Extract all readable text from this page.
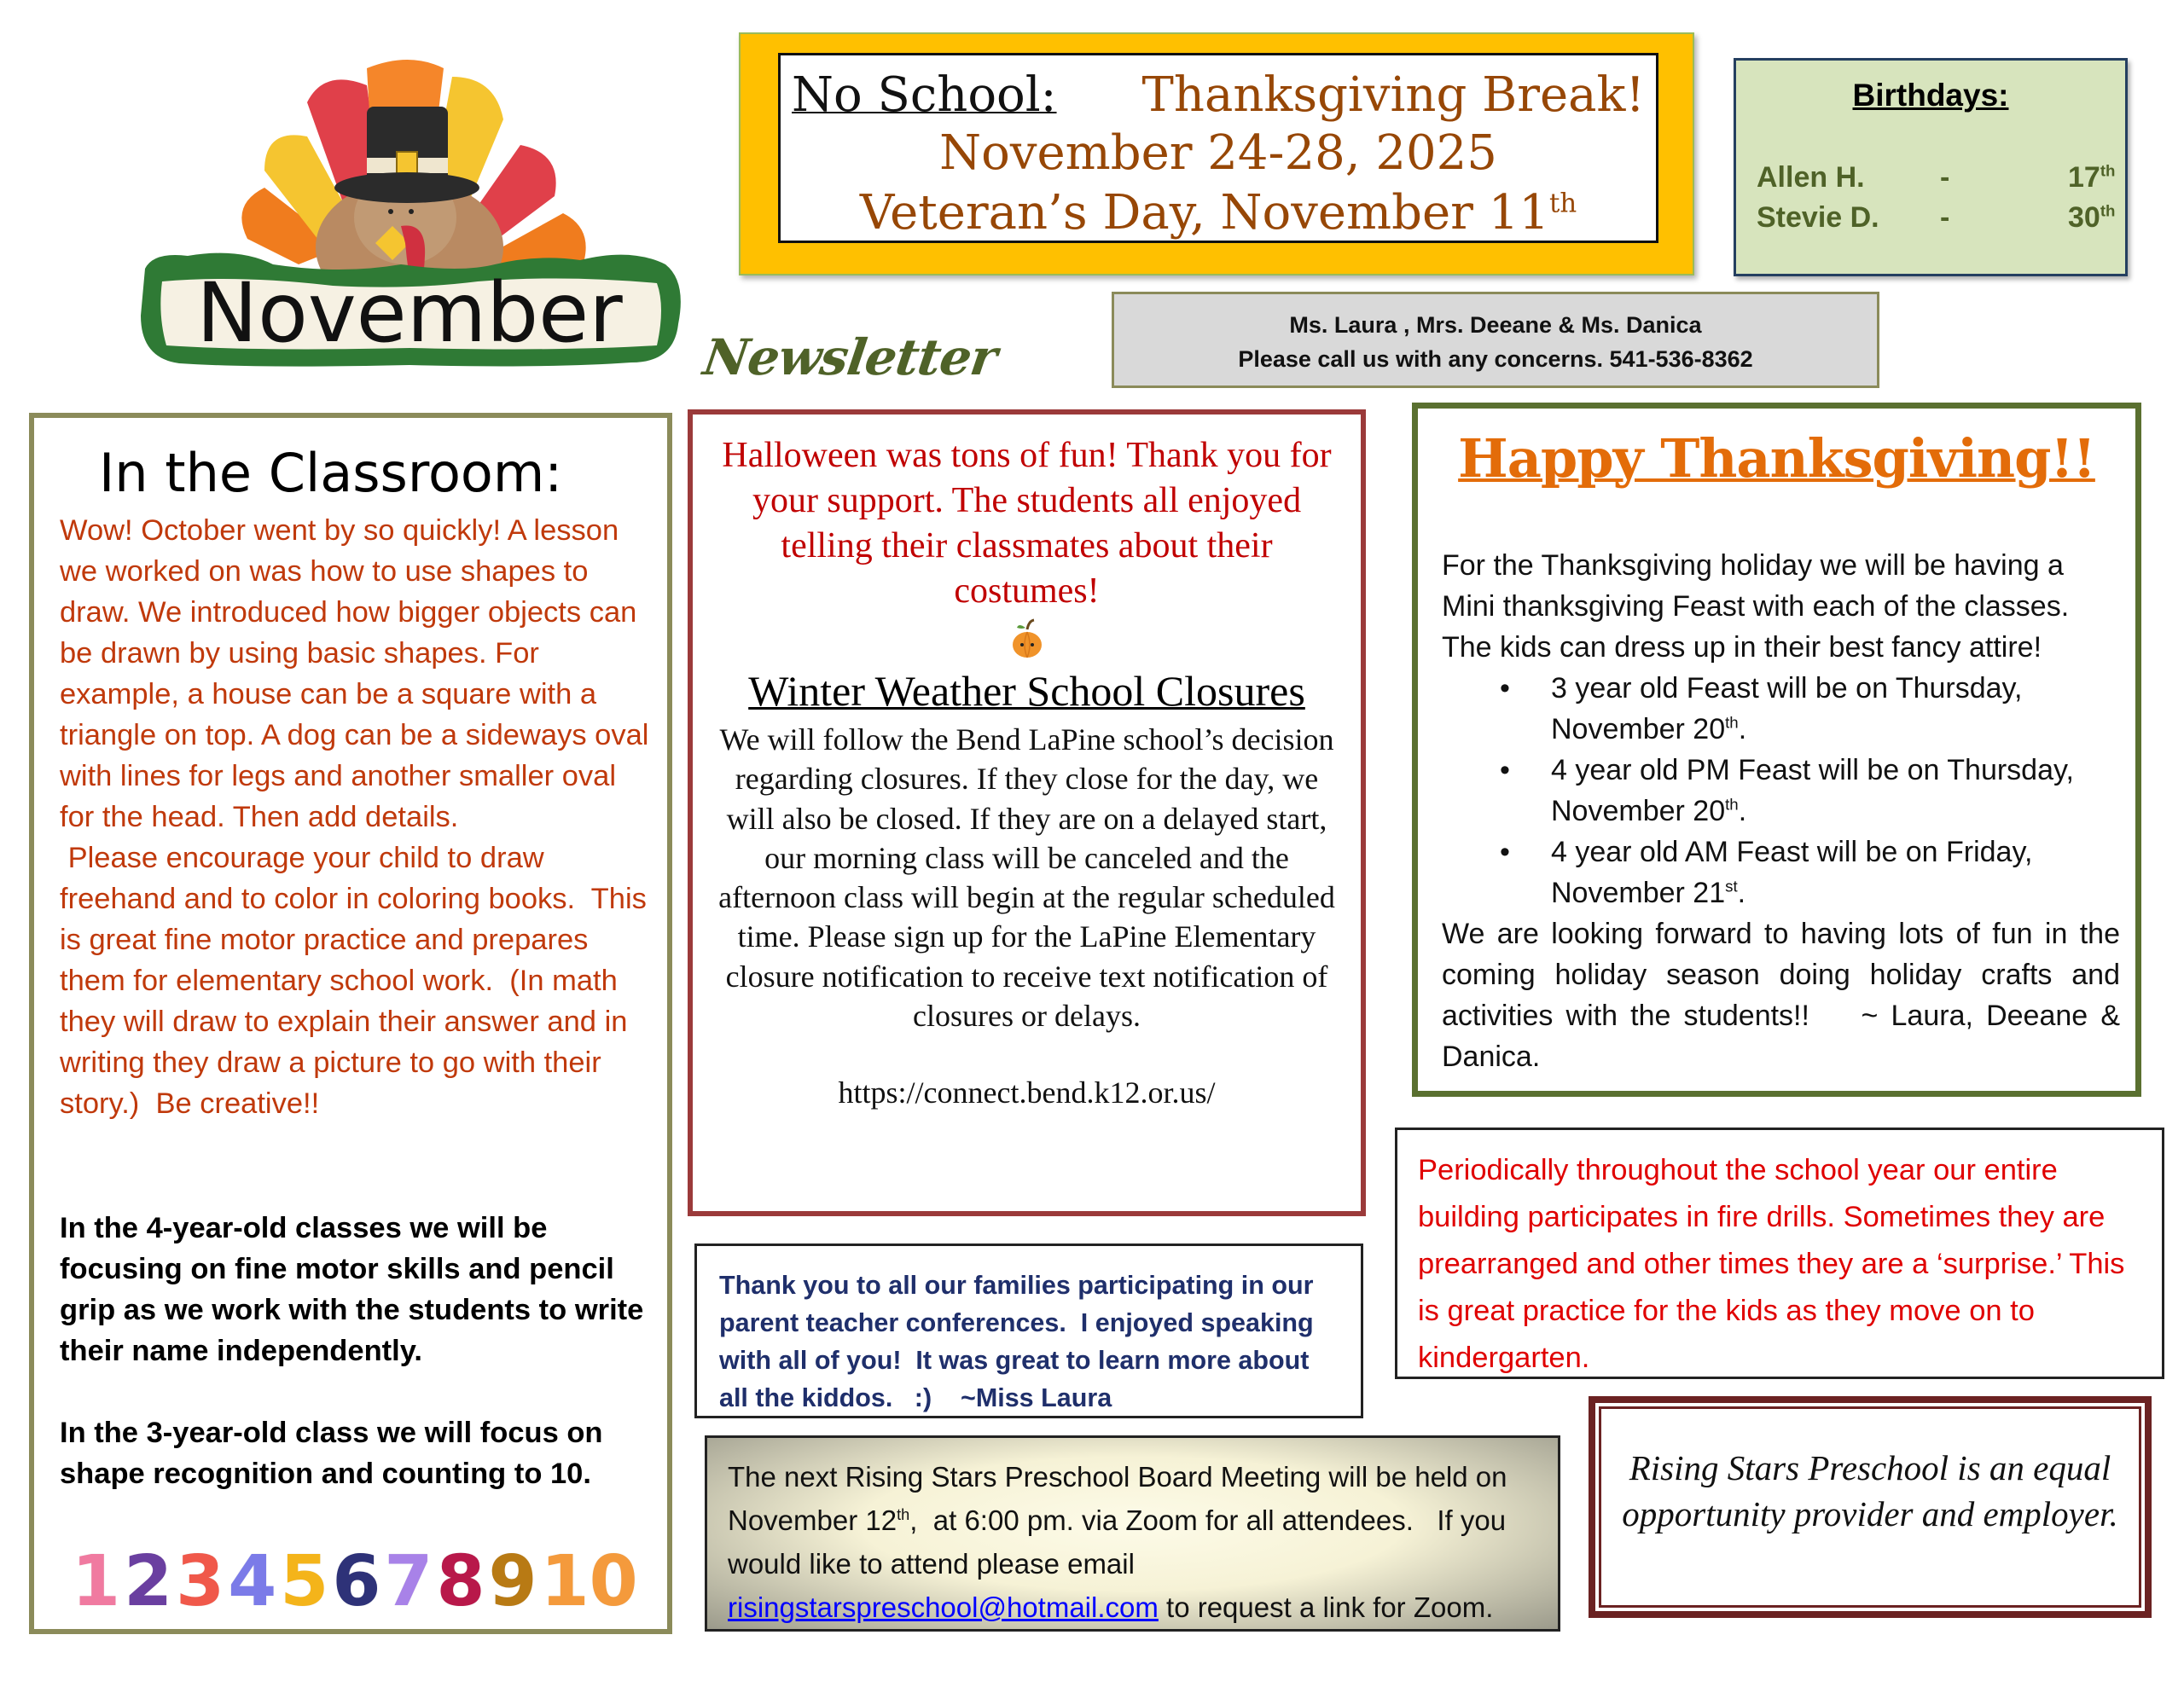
November Newsletter
No School: Thanksgiving Break!
November 24-28, 2025
Veteran’s Day, November 11th
Birthdays:
Allen H.	-	17th
Stevie D. -	30th
Ms. Laura , Mrs. Deeane & Ms. Danica
Please call us with any concerns. 541-536-8362
In the Classroom:

Wow! October went by so quickly! A lesson we worked on was how to use shapes to draw. We introduced how bigger objects can be drawn by using basic shapes. For example, a house can be a square with a triangle on top. A dog can be a sideways oval with lines for legs and another smaller oval for the head. Then add details.

Please encourage your child to draw freehand and to color in coloring books.  This is great fine motor practice and prepares them for elementary school work.  (In math they will draw to explain their answer and in writing they draw a picture to go with their story.)  Be creative!!

In the 4-year-old classes we will be focusing on fine motor skills and pencil grip as we work with the students to write their name independently.

In the 3-year-old class we will focus on shape recognition and counting to 10.

1 2 3 4 5 6 7 8 9 10
Halloween was tons of fun! Thank you for your support. The students all enjoyed telling their classmates about their costumes!
Winter Weather School Closures
We will follow the Bend LaPine school’s decision regarding closures. If they close for the day, we will also be closed. If they are on a delayed start, our morning class will be canceled and the afternoon class will begin at the regular scheduled time. Please sign up for the LaPine Elementary closure notification to receive text notification of closures or delays.
https://connect.bend.k12.or.us/
Happy Thanksgiving!!

For the Thanksgiving holiday we will be having a Mini thanksgiving Feast with each of the classes. The kids can dress up in their best fancy attire!

• 3 year old Feast will be on Thursday, November 20th.
• 4 year old PM Feast will be on Thursday, November 20th.
• 4 year old AM Feast will be on Friday, November 21st.

We are looking forward to having lots of fun in the coming holiday season doing holiday crafts and activities with the students!!    ~ Laura, Deeane & Danica.

Periodically throughout the school year our entire building participates in fire drills. Sometimes they are prearranged and other times they are a ‘surprise.’ This is great practice for the kids as they move on to kindergarten.
Thank you to all our families participating in our parent teacher conferences.  I enjoyed speaking with all of you!  It was great to learn more about all the kiddos.   :)    ~Miss Laura
The next Rising Stars Preschool Board Meeting will be held on November 12th,  at 6:00 pm. via Zoom for all attendees.   If you would like to attend please email risingstarspreschool@hotmail.com to request a link for Zoom.
Rising Stars Preschool is an equal opportunity provider and employer.
